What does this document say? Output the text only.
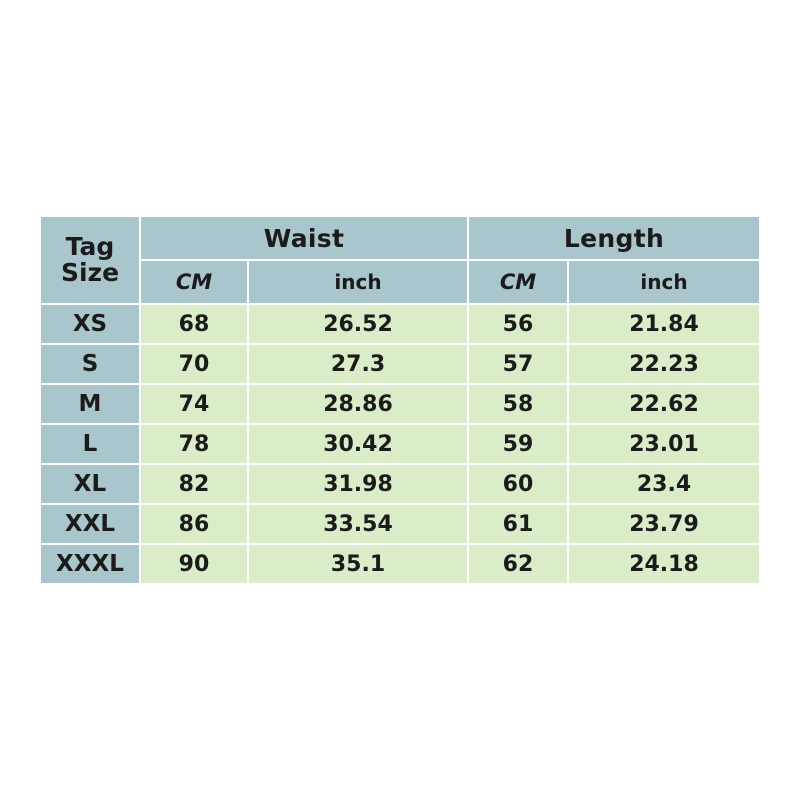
Tag
Size	Waist		Length	
	CM	inch	CM	inch
XS	68	26.52	56	21.84
S	70	27.3	57	22.23
M	74	28.86	58	22.62
L	78	30.42	59	23.01
XL	82	31.98	60	23.4
XXL	86	33.54	61	23.79
XXXL	90	35.1	62	24.18
